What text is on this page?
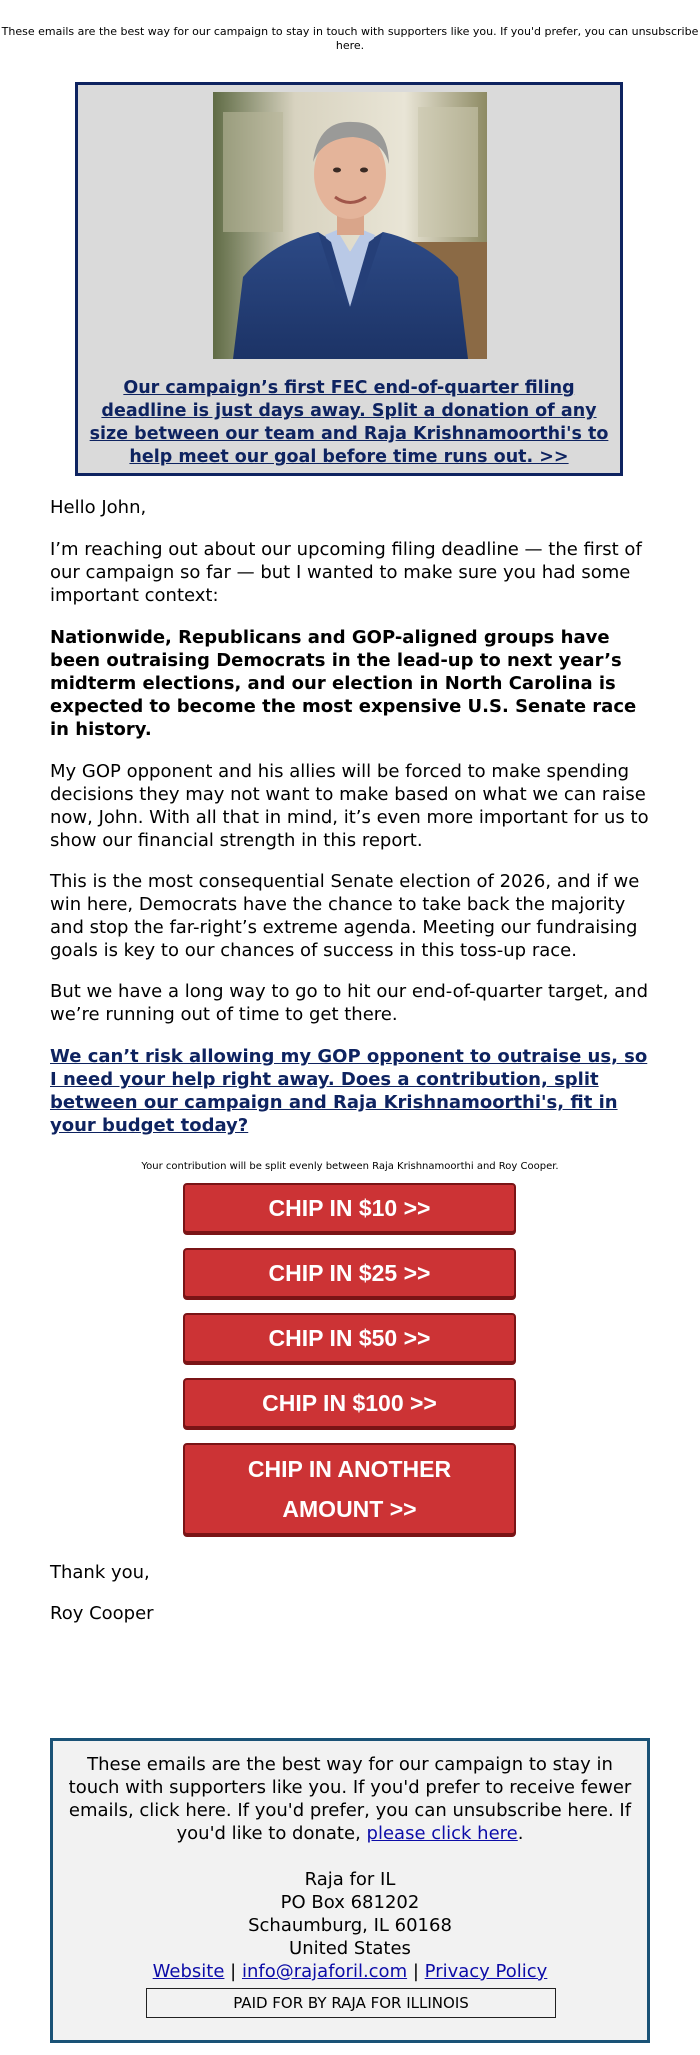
These emails are the best way for our campaign to stay in touch with supporters like you. If you'd prefer, you can unsubscribe here.
Our campaign’s first FEC end-of-quarter filing deadline is just days away. Split a donation of any size between our team and Raja Krishnamoorthi's to help meet our goal before time runs out. >>
Hello John,
I’m reaching out about our upcoming filing deadline — the first of our campaign so far — but I wanted to make sure you had some important context:
Nationwide, Republicans and GOP-aligned groups have been outraising Democrats in the lead-up to next year’s midterm elections, and our election in North Carolina is expected to become the most expensive U.S. Senate race in history.
My GOP opponent and his allies will be forced to make spending decisions they may not want to make based on what we can raise now, John. With all that in mind, it’s even more important for us to show our financial strength in this report.
This is the most consequential Senate election of 2026, and if we win here, Democrats have the chance to take back the majority and stop the far-right’s extreme agenda. Meeting our fundraising goals is key to our chances of success in this toss-up race.
But we have a long way to go to hit our end-of-quarter target, and we’re running out of time to get there.
We can’t risk allowing my GOP opponent to outraise us, so I need your help right away. Does a contribution, split between our campaign and Raja Krishnamoorthi's, fit in your budget today?
Your contribution will be split evenly between Raja Krishnamoorthi and Roy Cooper.
CHIP IN $10 >>
CHIP IN $25 >>
CHIP IN $50 >>
CHIP IN $100 >>
CHIP IN ANOTHER
AMOUNT >>
Thank you,
Roy Cooper
These emails are the best way for our campaign to stay in touch with supporters like you. If you'd prefer to receive fewer emails, click here. If you'd prefer, you can unsubscribe here. If you'd like to donate, please click here.
Raja for IL
PO Box 681202
Schaumburg, IL 60168
United States
Website | info@rajaforil.com | Privacy Policy
PAID FOR BY RAJA FOR ILLINOIS
